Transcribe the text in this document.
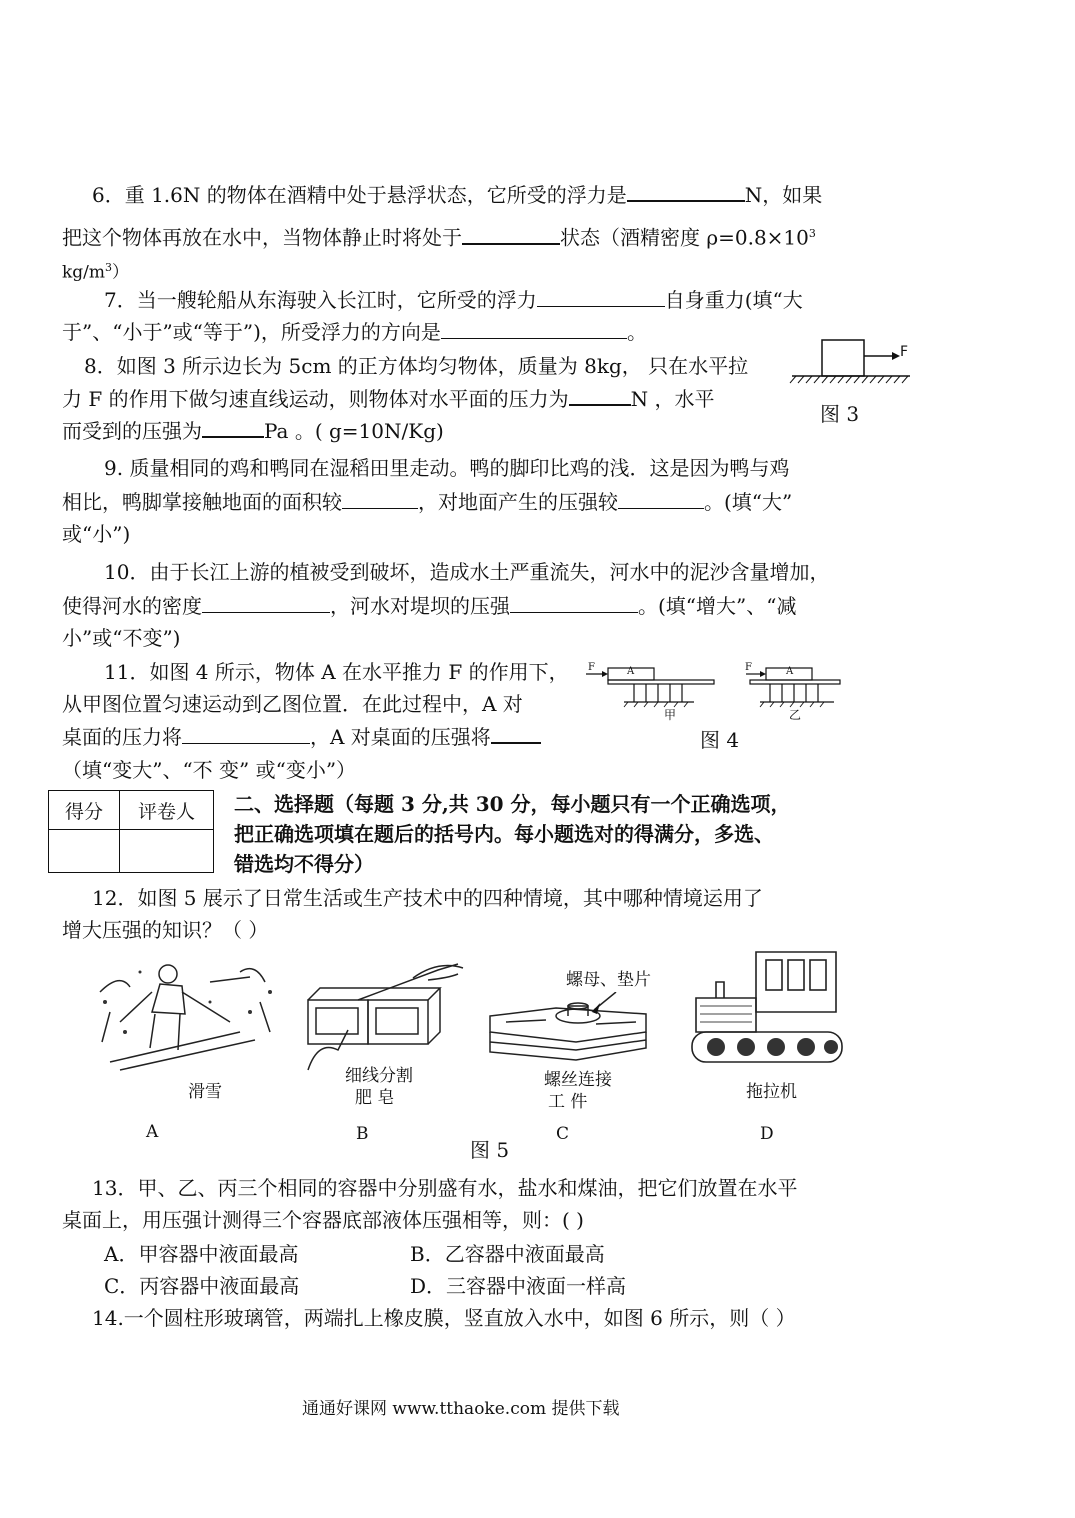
6．重 1.6N 的物体在酒精中处于悬浮状态，它所受的浮力是	N，如果
把这个物体再放在水中，当物体静止时将处于	状态（酒精密度 $\rho=0.8\times 10^3$
$kg/m^3$）
7．当一艘轮船从东海驶入长江时，它所受的浮力	自身重力(填“大
于”、“小于”或“等于”)，所受浮力的方向是	。
8．如图 3 所示边长为 5cm 的正方体均匀物体，质量为 8kg， 只在水平拉
力 F 的作用下做匀速直线运动，则物体对水平面的压力为	N ，水平
而受到的压强为	Pa 。( g=10N/Kg)
F
图 3
9. 质量相同的鸡和鸭同在湿稻田里走动。鸭的脚印比鸡的浅．这是因为鸭与鸡
相比，鸭脚掌接触地面的面积较	，对地面产生的压强较	。(填“大”
或“小”)
10．由于长江上游的植被受到破坏，造成水土严重流失，河水中的泥沙含量增加，
使得河水的密度	，河水对堤坝的压强	。(填“增大”、“减
小”或“不变”)
11．如图 4 所示，物体 A 在水平推力 F 的作用下，
从甲图位置匀速运动到乙图位置．在此过程中，A 对
桌面的压力将	，A 对桌面的压强将
（填“变大”、“不 变” 或“变小”）
F	F
A	A
甲	乙
图 4
得分	评卷人
	二、选择题（每题 3 分,共 30 分，每小题只有一个正确选项，
把正确选项填在题后的括号内。每小题选对的得满分，多选、
错选均不得分）
12．如图 5 展示了日常生活或生产技术中的四种情境，其中哪种情境运用了
增大压强的知识？（ ）
滑雪
A
细线分割
肥 皂
B
螺母、垫片
螺丝连接
工 件
C
拖拉机
D
图 5
13．甲、乙、丙三个相同的容器中分别盛有水，盐水和煤油，把它们放置在水平
桌面上，用压强计测得三个容器底部液体压强相等，则：( )
A．甲容器中液面最高	B．乙容器中液面最高
C．丙容器中液面最高	D．三容器中液面一样高
14.一个圆柱形玻璃管，两端扎上橡皮膜，竖直放入水中，如图 6 所示，则（ ）
通通好课网 www.tthaoke.com 提供下载
